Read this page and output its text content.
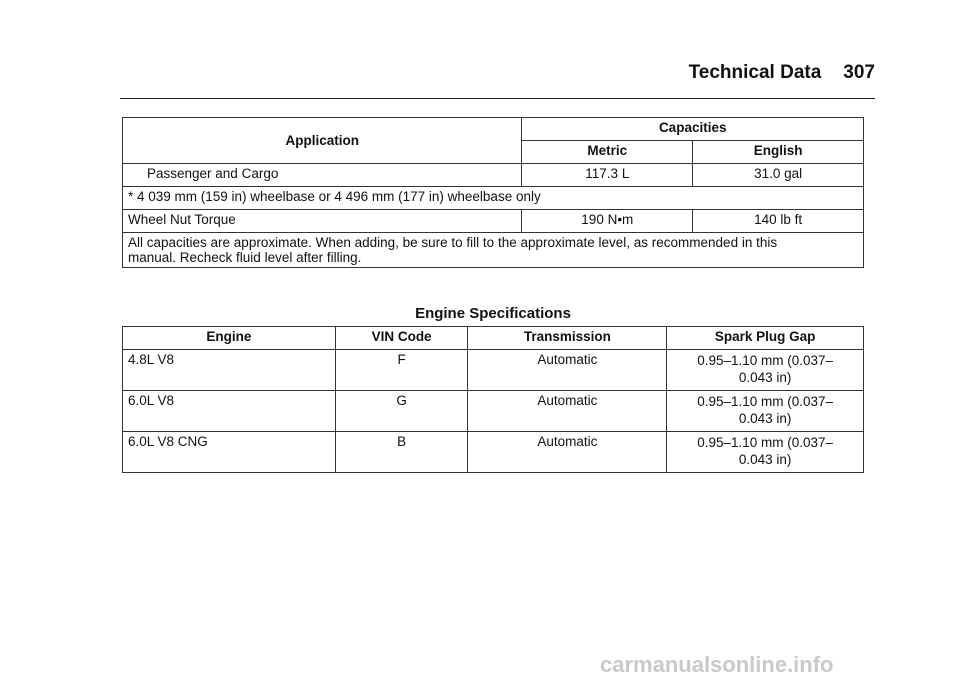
Technical Data 307
Application	Capacities	
	Metric	English
Passenger and Cargo	117.3 L	31.0 gal
* 4 039 mm (159 in) wheelbase or 4 496 mm (177 in) wheelbase only		
Wheel Nut Torque	190 N•m	140 lb ft
All capacities are approximate. When adding, be sure to fill to the approximate level, as recommended in this manual. Recheck fluid level after filling.		
Engine Specifications
Engine	VIN Code	Transmission	Spark Plug Gap
4.8L V8	F	Automatic	0.95–1.10 mm (0.037–
0.043 in)

6.0L V8	G	Automatic	0.95–1.10 mm (0.037–
0.043 in)

6.0L V8 CNG	B	Automatic	0.95–1.10 mm (0.037–
0.043 in)
carmanualsonline.info
